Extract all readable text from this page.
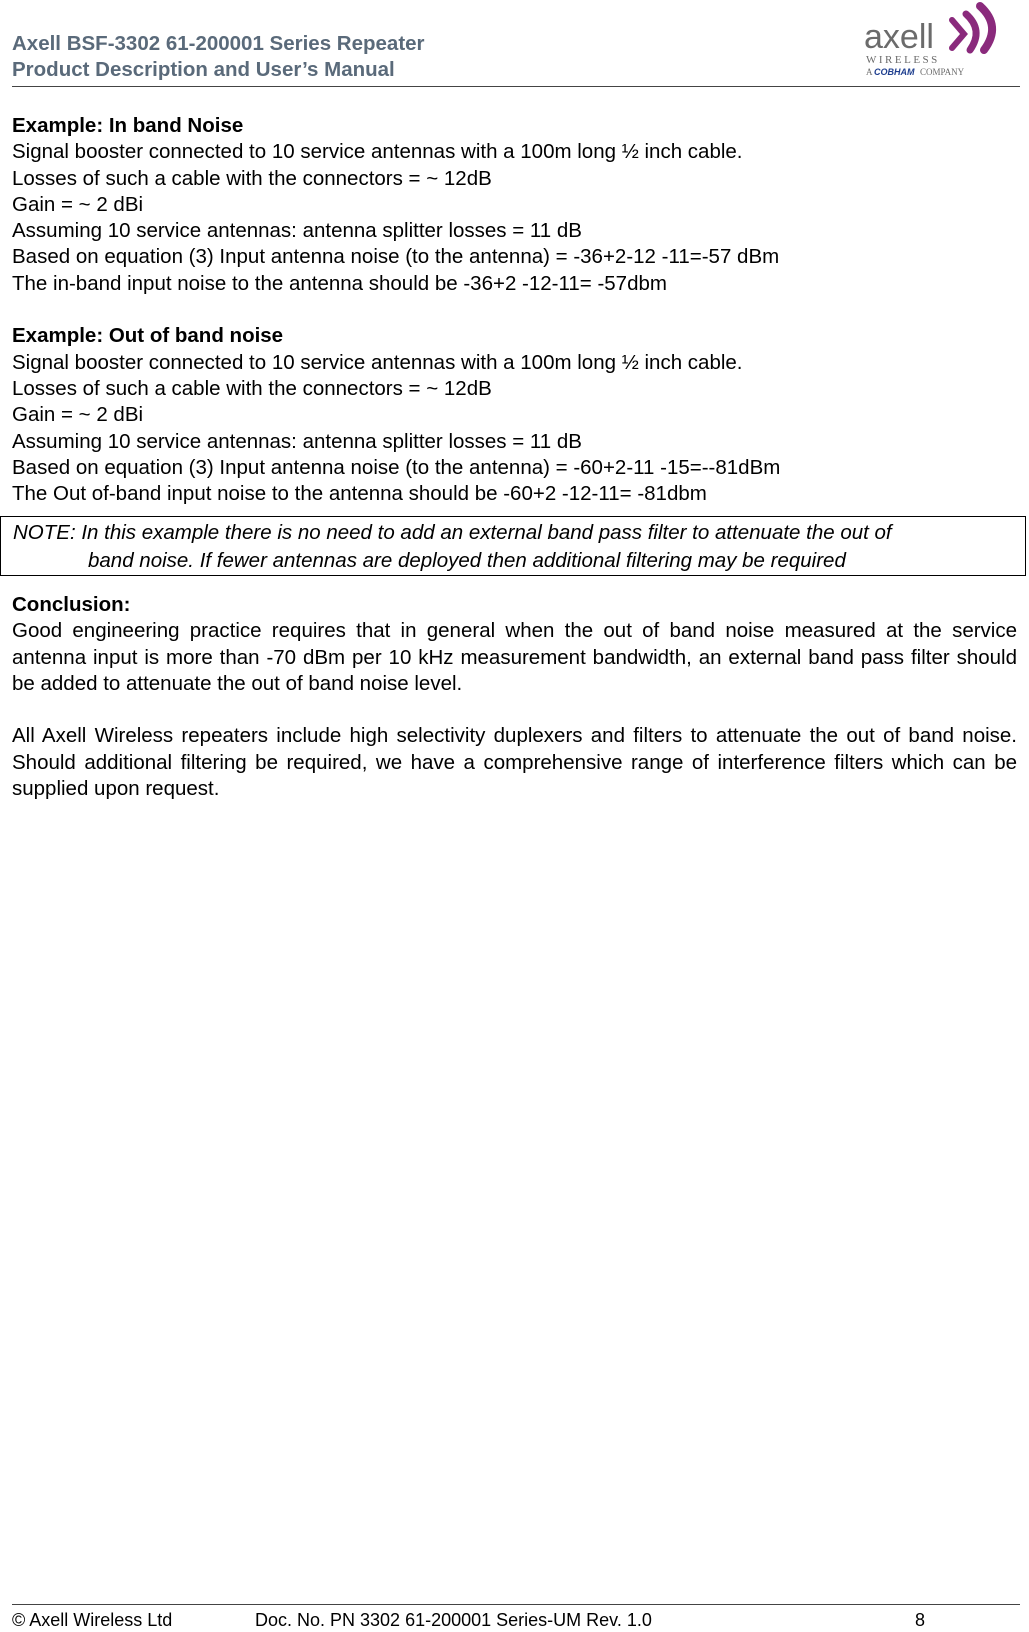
Axell BSF-3302 61-200001 Series Repeater

Product Description and User’s Manual

axell
WIRELESS
A COBHAM COMPANY

Example: In band Noise

Signal booster connected to 10 service antennas with a 100m long ½ inch cable.

Losses of such a cable with the connectors = ~ 12dB

Gain = ~ 2 dBi

Assuming 10 service antennas: antenna splitter losses = 11 dB

Based on equation (3) Input antenna noise (to the antenna) = -36+2-12 -11=-57 dBm

The in-band input noise to the antenna should be -36+2 -12-11= -57dbm

Example: Out of band noise

Signal booster connected to 10 service antennas with a 100m long ½ inch cable.

Losses of such a cable with the connectors = ~ 12dB

Gain = ~ 2 dBi

Assuming 10 service antennas: antenna splitter losses = 11 dB

Based on equation (3) Input antenna noise (to the antenna) = -60+2-11 -15=--81dBm

The Out of-band input noise to the antenna should be -60+2 -12-11= -81dbm

NOTE: In this example there is no need to add an external band pass filter to attenuate the out of
band noise. If fewer antennas are deployed then additional filtering may be required

Conclusion:

Good engineering practice requires that in general when the out of band noise measured at the service antenna input is more than -70 dBm per 10 kHz measurement bandwidth, an external band pass filter should be added to attenuate the out of band noise level.

All Axell Wireless repeaters include high selectivity duplexers and filters to attenuate the out of band noise. Should additional filtering be required, we have a comprehensive range of interference filters which can be supplied upon request.

© Axell Wireless Ltd	Doc. No. PN 3302 61-200001 Series-UM Rev. 1.0	8
